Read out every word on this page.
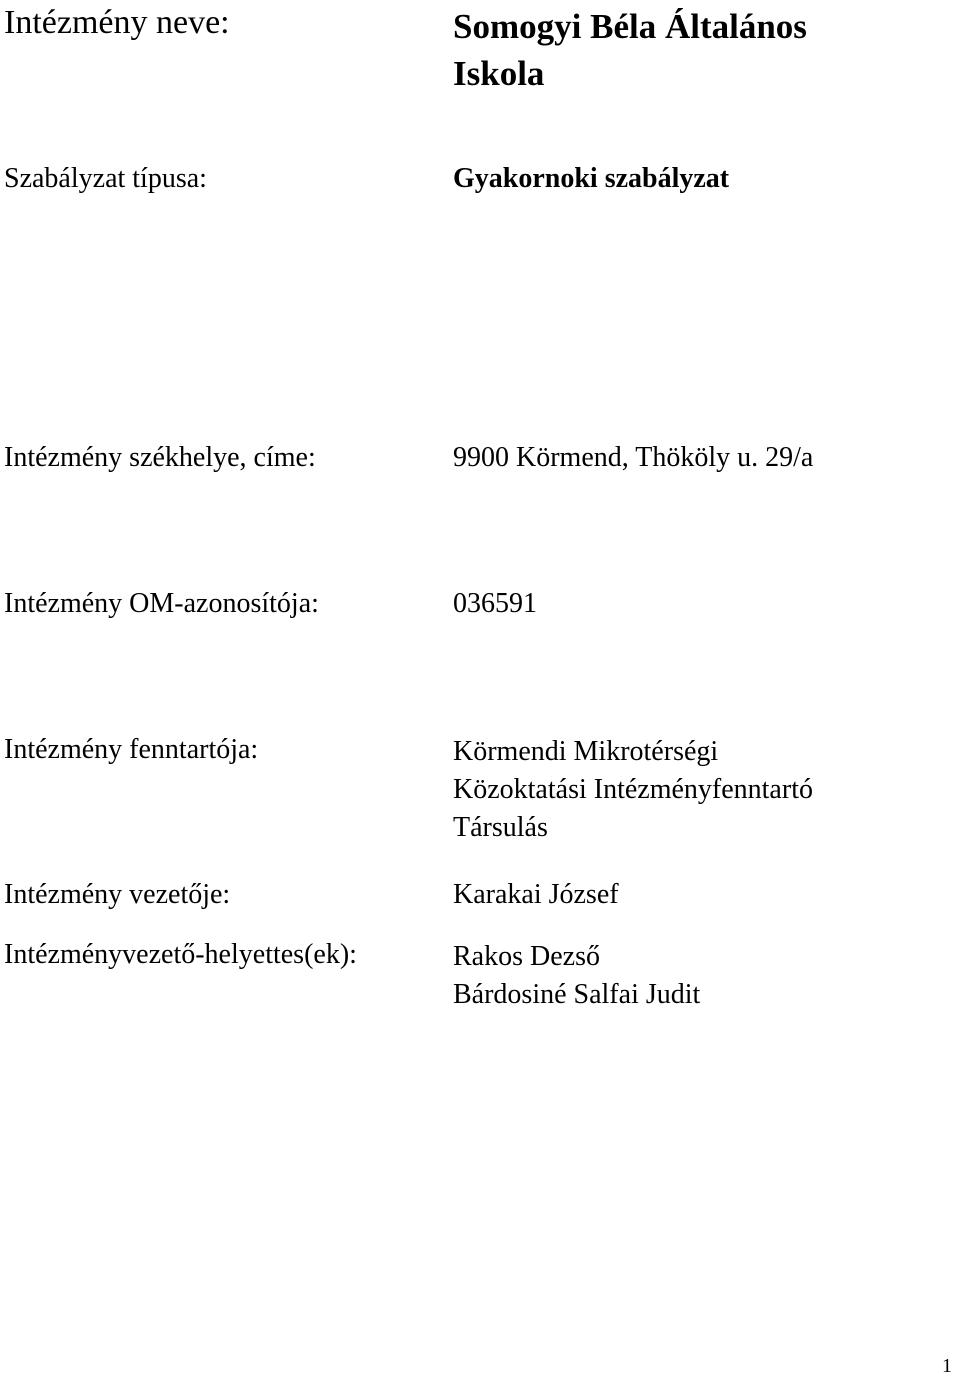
Intézmény neve:	Somogyi Béla Általános
Iskola

Szabályzat típusa:	Gyakornoki szabályzat

Intézmény székhelye, címe:	9900 Körmend, Thököly u. 29/a

Intézmény OM-azonosítója:	036591

Intézmény fenntartója:	Körmendi Mikrotérségi
Közoktatási Intézményfenntartó
Társulás

Intézmény vezetője:	Karakai József

Intézményvezető-helyettes(ek):	Rakos Dezső
Bárdosiné Salfai Judit

1
